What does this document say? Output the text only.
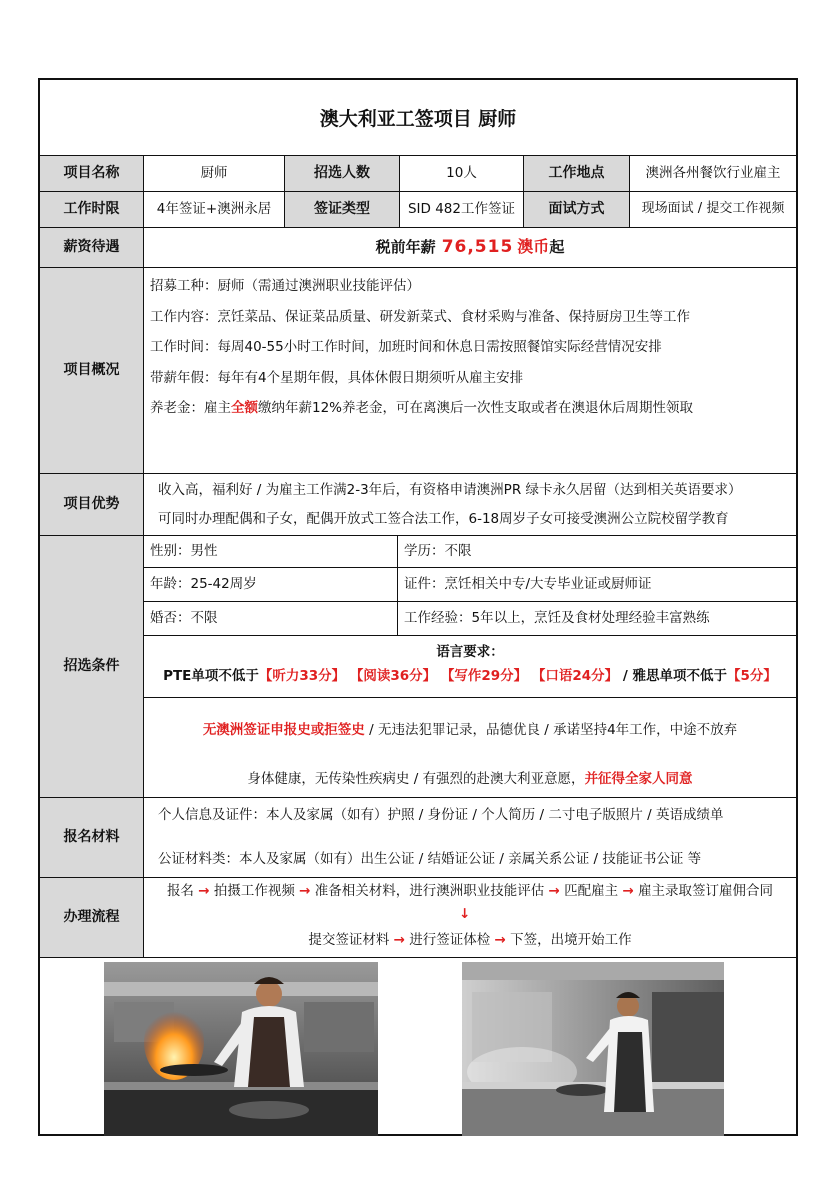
澳大利亚工签项目 厨师
项目名称	厨师	招选人数	10人	工作地点	澳洲各州餐饮行业雇主
工作时限	4年签证+澳洲永居	签证类型	SID 482工作签证	面试方式	现场面试 / 提交工作视频
薪资待遇	税前年薪 76,515 澳币 起
项目概况
招募工种：厨师（需通过澳洲职业技能评估）
工作内容：烹饪菜品、保证菜品质量、研发新菜式、食材采购与准备、保持厨房卫生等工作
工作时间：每周40-55小时工作时间，加班时间和休息日需按照餐馆实际经营情况安排
带薪年假：每年有4个星期年假，具体休假日期须听从雇主安排
养老金：雇主全额缴纳年薪12%养老金，可在离澳后一次性支取或者在澳退休后周期性领取
项目优势
收入高，福利好 / 为雇主工作满2-3年后，有资格申请澳洲PR 绿卡永久居留（达到相关英语要求）
可同时办理配偶和子女，配偶开放式工签合法工作，6-18周岁子女可接受澳洲公立院校留学教育
招选条件
性别：男性	学历：不限
年龄：25-42周岁	证件：烹饪相关中专/大专毕业证或厨师证
婚否：不限	工作经验：5年以上，烹饪及食材处理经验丰富熟练
语言要求：
PTE单项不低于【听力33分】 【阅读36分】 【写作29分】 【口语24分】 / 雅思单项不低于【5分】
无澳洲签证申报史或拒签史 / 无违法犯罪记录，品德优良 / 承诺坚持4年工作，中途不放弃
身体健康，无传染性疾病史 / 有强烈的赴澳大利亚意愿，并征得全家人同意
报名材料
个人信息及证件：本人及家属（如有）护照 / 身份证 / 个人简历 / 二寸电子版照片 / 英语成绩单
公证材料类：本人及家属（如有）出生公证 / 结婚证公证 / 亲属关系公证 / 技能证书公证 等
办理流程
报名 → 拍摄工作视频 → 准备相关材料，进行澳洲职业技能评估 → 匹配雇主 → 雇主录取签订雇佣合同
↓
提交签证材料 → 进行签证体检 → 下签，出境开始工作
